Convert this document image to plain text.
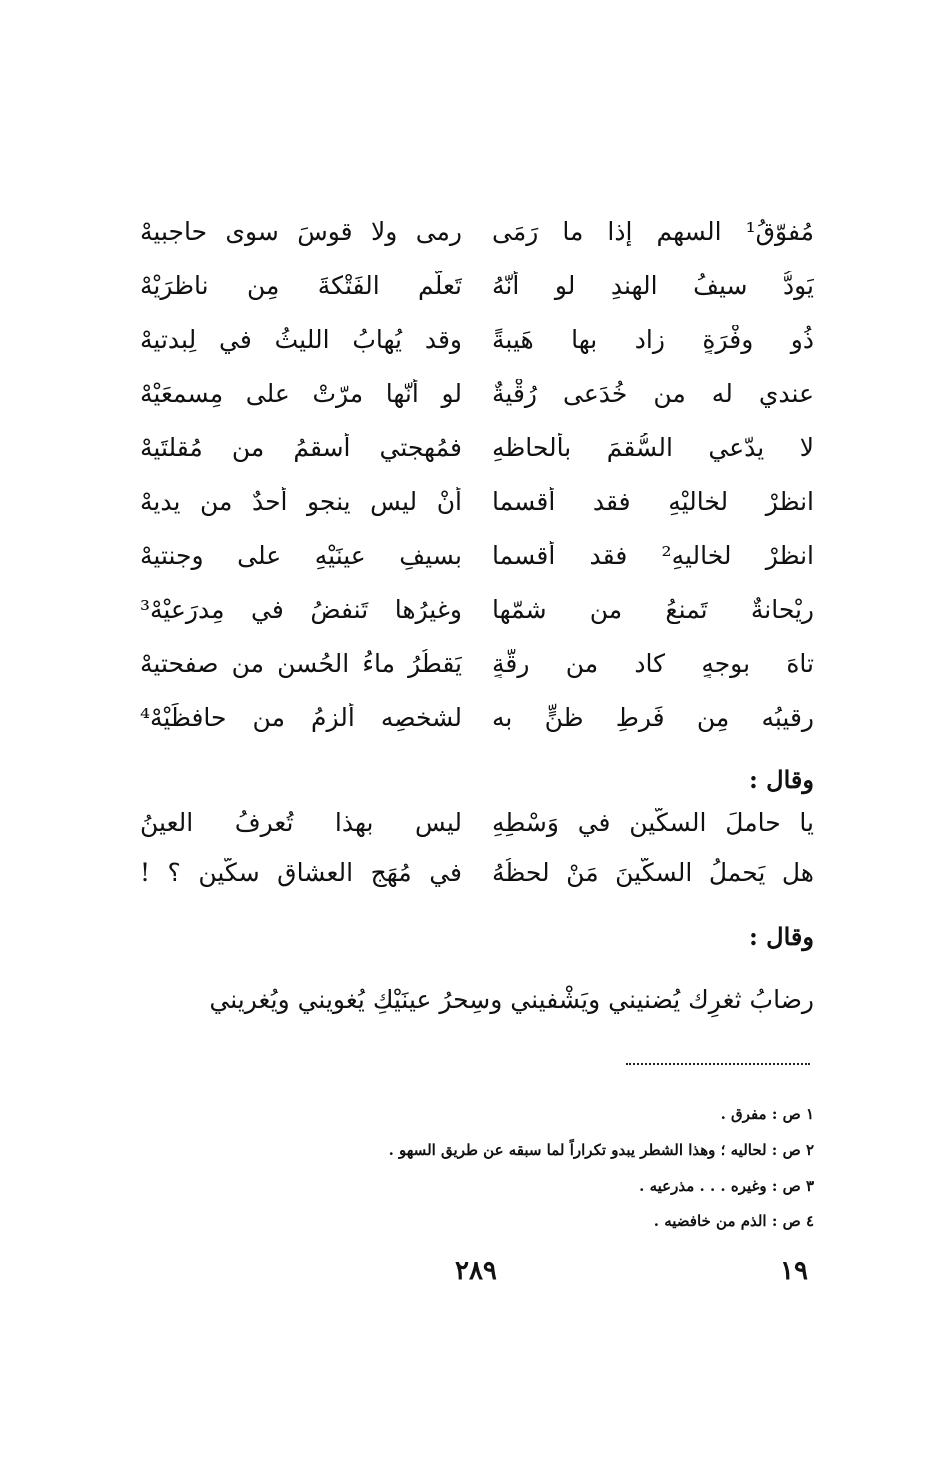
مُفوّقُ¹ السهمِ إذا ما رَمَى
رمى ولا قوسَ سوى حاجبيهْ
يَودُّ سيفُ الهندِ لو أنّهُ
تَعلّم الفَتْكةَ مِن ناظرَيْهْ
ذُو وفْرَةٍ زاد بها هَيبةً
وقد يُهابُ الليثُ في لِبدتيهْ
عندي له من خُدَعى رُقْيةٌ
لو أنّها مرّتْ على مِسمعَيْهْ
لا يدّعي السُّقمَ بألحاظهِ
فمُهجتي أسقمُ من مُقلتَيهْ
انظرْ لخاليْهِ فقد أقسما
أنْ ليس ينجو أحدٌ من يديهْ
انظرْ لخاليهِ² فقد أقسما
بسيفِ عينَيْهِ على وجنتيهْ
ريْحانةٌ تَمنعُ من شمّها
وغيرُها تَنفضُ في مِدرَعيْهْ³
تاهَ بوجهٍ كاد من رِقّةٍ
يَقطُرُ ماءُ الحُسنِ من صفحتيهْ
رقيبُه مِن فَرطِ ظنٍّ به
لشخصِه ألزمُ من حافظَيْهْ⁴
وقال :
يا حاملَ السكّين في وَسْطِهِ
ليس بهذا تُعرفُ العينُ
هل يَحملُ السكّينَ مَنْ لحظُهُ
في مُهَجِ العشاقِ سكّين ؟ !
وقال :
رضابُ ثغرِك يُضنيني ويَشْفيني وسِحرُ عينَيْكِ يُغويني ويُغريني
١ ص : مفرق .
٢ ص : لحاليه ؛ وهذا الشطر يبدو تكراراً لما سبقه عن طريق السهو .
٣ ص : وغيره . . . مذرعيه .
٤ ص : الذم من خافضيه .
٢٨٩	١٩
